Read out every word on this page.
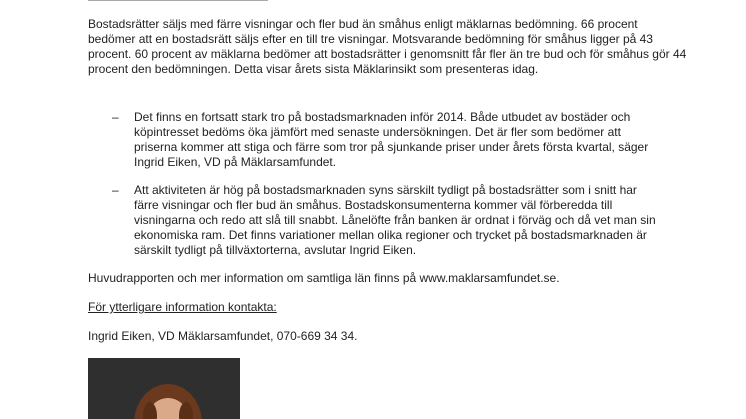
Bostadsrätter säljs med färre visningar och fler bud än småhus enligt mäklarnas bedömning. 66 procent bedömer att en bostadsrätt säljs efter en till tre visningar. Motsvarande bedömning för småhus ligger på 43 procent. 60 procent av mäklarna bedömer att bostadsrätter i genomsnitt får fler än tre bud och för småhus gör 44 procent den bedömningen. Detta visar årets sista Mäklarinsikt som presenteras idag.

– Det finns en fortsatt stark tro på bostadsmarknaden inför 2014. Både utbudet av bostäder och köpintresset bedöms öka jämfört med senaste undersökningen. Det är fler som bedömer att priserna kommer att stiga och färre som tror på sjunkande priser under årets första kvartal, säger Ingrid Eiken, VD på Mäklarsamfundet.

– Att aktiviteten är hög på bostadsmarknaden syns särskilt tydligt på bostadsrätter som i snitt har färre visningar och fler bud än småhus. Bostadskonsumenterna kommer väl förberedda till visningarna och redo att slå till snabbt. Lånelöfte från banken är ordnat i förväg och då vet man sin ekonomiska ram. Det finns variationer mellan olika regioner och trycket på bostadsmarknaden är särskilt tydligt på tillväxtorterna, avslutar Ingrid Eiken.

Huvudrapporten och mer information om samtliga län finns på www.maklarsamfundet.se.

För ytterligare information kontakta:

Ingrid Eiken, VD Mäklarsamfundet, 070-669 34 34.
